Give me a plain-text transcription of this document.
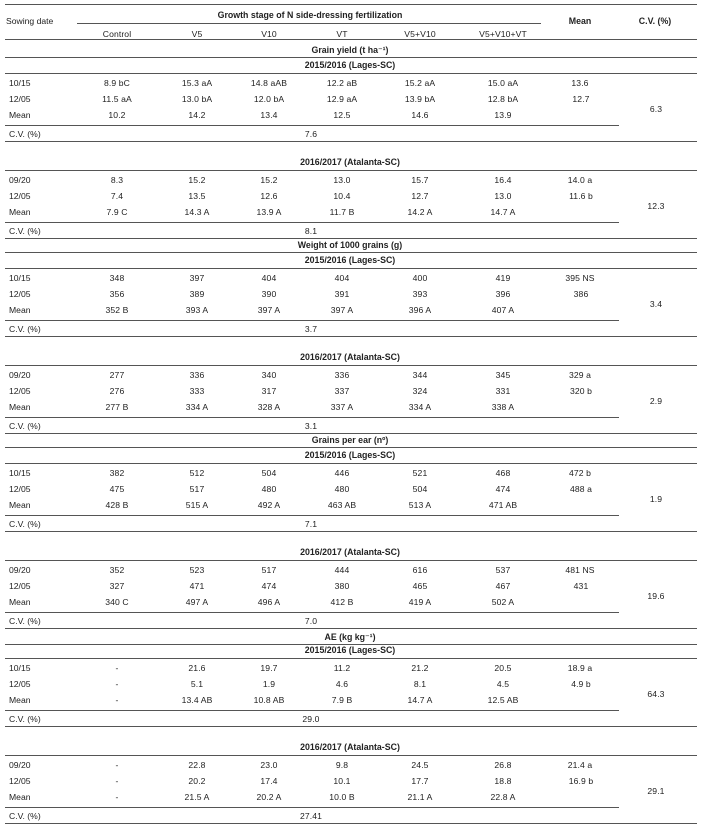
Sowing date
Growth stage of N side-dressing fertilization
Mean	C.V. (%)
Control	V5	V10	VT	V5+V10	V5+V10+VT
Grain yield (t ha⁻¹)
2015/2016 (Lages-SC)
10/15	8.9 bC	15.3 aA	14.8 aAB	12.2 aB	15.2 aA	15.0 aA	13.6
12/05	11.5 aA	13.0 bA	12.0 bA	12.9 aA	13.9 bA	12.8 bA	12.7
Mean	10.2	14.2	13.4	12.5	14.6	13.9
C.V. (%)	7.6
6.3
2016/2017 (Atalanta-SC)
09/20	8.3	15.2	15.2	13.0	15.7	16.4	14.0 a
12/05	7.4	13.5	12.6	10.4	12.7	13.0	11.6 b
Mean	7.9 C	14.3 A	13.9 A	11.7 B	14.2 A	14.7 A
C.V. (%)	8.1
12.3
Weight of 1000 grains (g)
2015/2016 (Lages-SC)
10/15	348	397	404	404	400	419	395 NS
12/05	356	389	390	391	393	396	386
Mean	352 B	393 A	397 A	397 A	396 A	407 A
C.V. (%)	3.7
3.4
2016/2017 (Atalanta-SC)
09/20	277	336	340	336	344	345	329 a
12/05	276	333	317	337	324	331	320 b
Mean	277 B	334 A	328 A	337 A	334 A	338 A
C.V. (%)	3.1
2.9
Grains per ear (nº)
2015/2016 (Lages-SC)
10/15	382	512	504	446	521	468	472 b
12/05	475	517	480	480	504	474	488 a
Mean	428 B	515 A	492 A	463 AB	513 A	471 AB
C.V. (%)	7.1
1.9
2016/2017 (Atalanta-SC)
09/20	352	523	517	444	616	537	481 NS
12/05	327	471	474	380	465	467	431
Mean	340 C	497 A	496 A	412 B	419 A	502 A
C.V. (%)	7.0
19.6
AE (kg kg⁻¹)
2015/2016 (Lages-SC)
10/15	-	21.6	19.7	11.2	21.2	20.5	18.9 a
12/05	-	5.1	1.9	4.6	8.1	4.5	4.9 b
Mean	-	13.4 AB	10.8 AB	7.9 B	14.7 A	12.5 AB
C.V. (%)	29.0
64.3
2016/2017 (Atalanta-SC)
09/20	-	22.8	23.0	9.8	24.5	26.8	21.4 a
12/05	-	20.2	17.4	10.1	17.7	18.8	16.9 b
Mean	-	21.5 A	20.2 A	10.0 B	21.1 A	22.8 A
C.V. (%)	27.41
29.1
